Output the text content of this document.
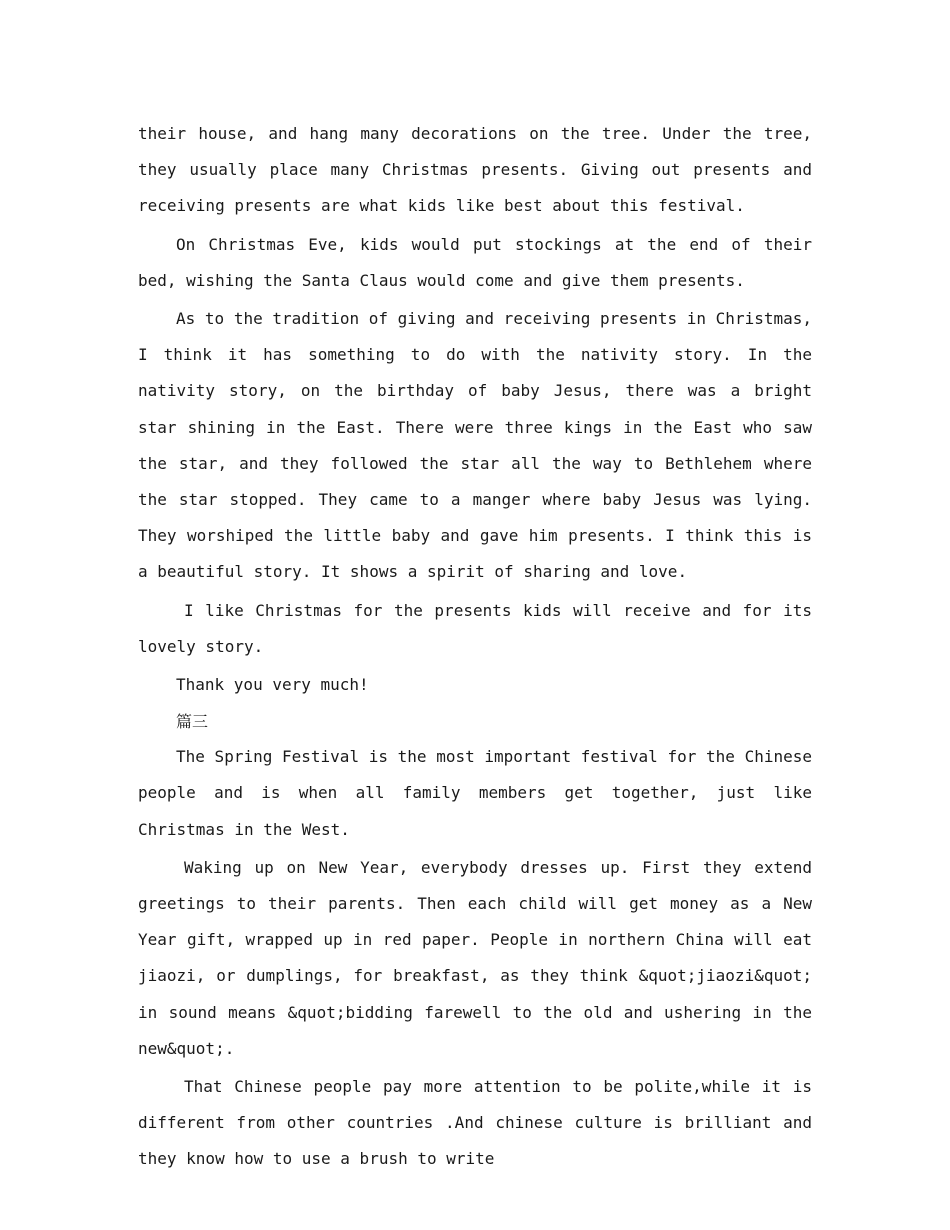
their house, and hang many decorations on the tree. Under the tree, they usually place many Christmas presents. Giving out presents and receiving presents are what kids like best about this festival.

On Christmas Eve, kids would put stockings at the end of their bed, wishing the Santa Claus would come and give them presents.

As to the tradition of giving and receiving presents in Christmas, I think it has something to do with the nativity story. In the nativity story, on the birthday of baby Jesus, there was a bright star shining in the East. There were three kings in the East who saw the star, and they followed the star all the way to Bethlehem where the star stopped. They came to a manger where baby Jesus was lying. They worshiped the little baby and gave him presents. I think this is a beautiful story. It shows a spirit of sharing and love.

I like Christmas for the presents kids will receive and for its lovely story.

Thank you very much!

篇三

The Spring Festival is the most important festival for the Chinese people and is when all family members get together, just like Christmas in the West.

Waking up on New Year, everybody dresses up. First they extend greetings to their parents. Then each child will get money as a New Year gift, wrapped up in red paper. People in northern China will eat jiaozi, or dumplings, for breakfast, as they think &quot;jiaozi&quot; in sound means &quot;bidding farewell to the old and ushering in the new&quot;.

That Chinese people pay more attention to be polite,while it is different from other countries .And chinese culture is brilliant and they know how to use a brush to write
